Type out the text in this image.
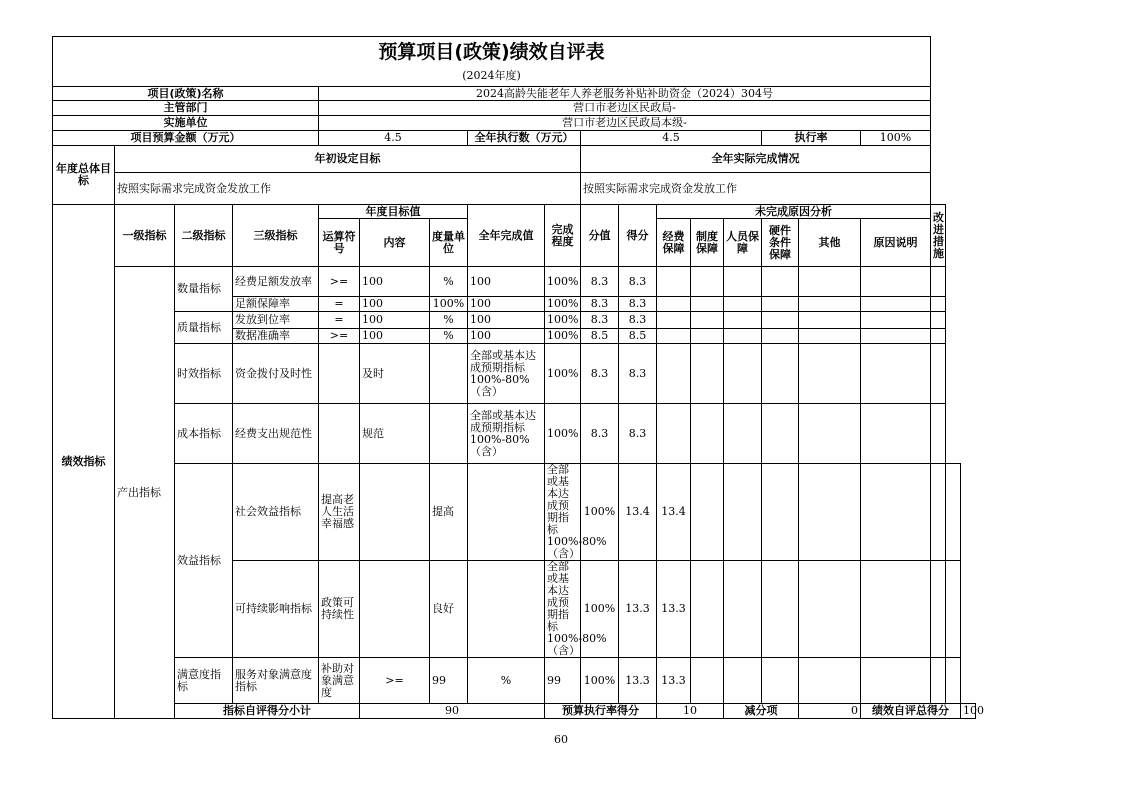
预算项目(政策)绩效自评表																			
(2024年度)																			
项目(政策)名称				2024高龄失能老年人养老服务补贴补助资金（2024）304号															
主管部门				营口市老边区民政局-															
实施单位				营口市老边区民政局本级-															
项目预算金额（万元）				4.5			全年执行数（万元）		4.5					执行率		100%			
年度总体目标	年初设定目标								全年实际完成情况										
	按照实际需求完成资金发放工作								按照实际需求完成资金发放工作										
绩效指标	一级指标	二级指标	三级指标	年度目标值			全年完成值	完成程度	分值	得分	未完成原因分析						改进措施		
				运算符号	内容	度量单位					经费保障	制度保障	人员保障	硬件条件保障	其他	原因说明			
	产出指标	数量指标	经费足额发放率	>=	100	%	100	100%	8.3	8.3									
			足额保障率	=	100	100%	100	100%	8.3	8.3									
		质量指标	发放到位率	=	100	%	100	100%	8.3	8.3									
			数据准确率	>=	100	%	100	100%	8.5	8.5									
		时效指标	资金拨付及时性		及时		全部或基本达成预期指标100%-80%（含）	100%	8.3	8.3									
		成本指标	经费支出规范性		规范		全部或基本达成预期指标100%-80%（含）	100%	8.3	8.3									
		效益指标	社会效益指标	提高老人生活幸福感		提高		全部或基本达成预期指标100%-80%（含）	100%	13.4	13.4								
			可持续影响指标	政策可持续性		良好		全部或基本达成预期指标100%-80%（含）	100%	13.3	13.3								
		满意度指标	服务对象满意度指标	补助对象满意度	>=	99	%	99	100%	13.3	13.3								
		指标自评得分小计			90			预算执行率得分			10		减分项		0	绩效自评总得分			100
60
